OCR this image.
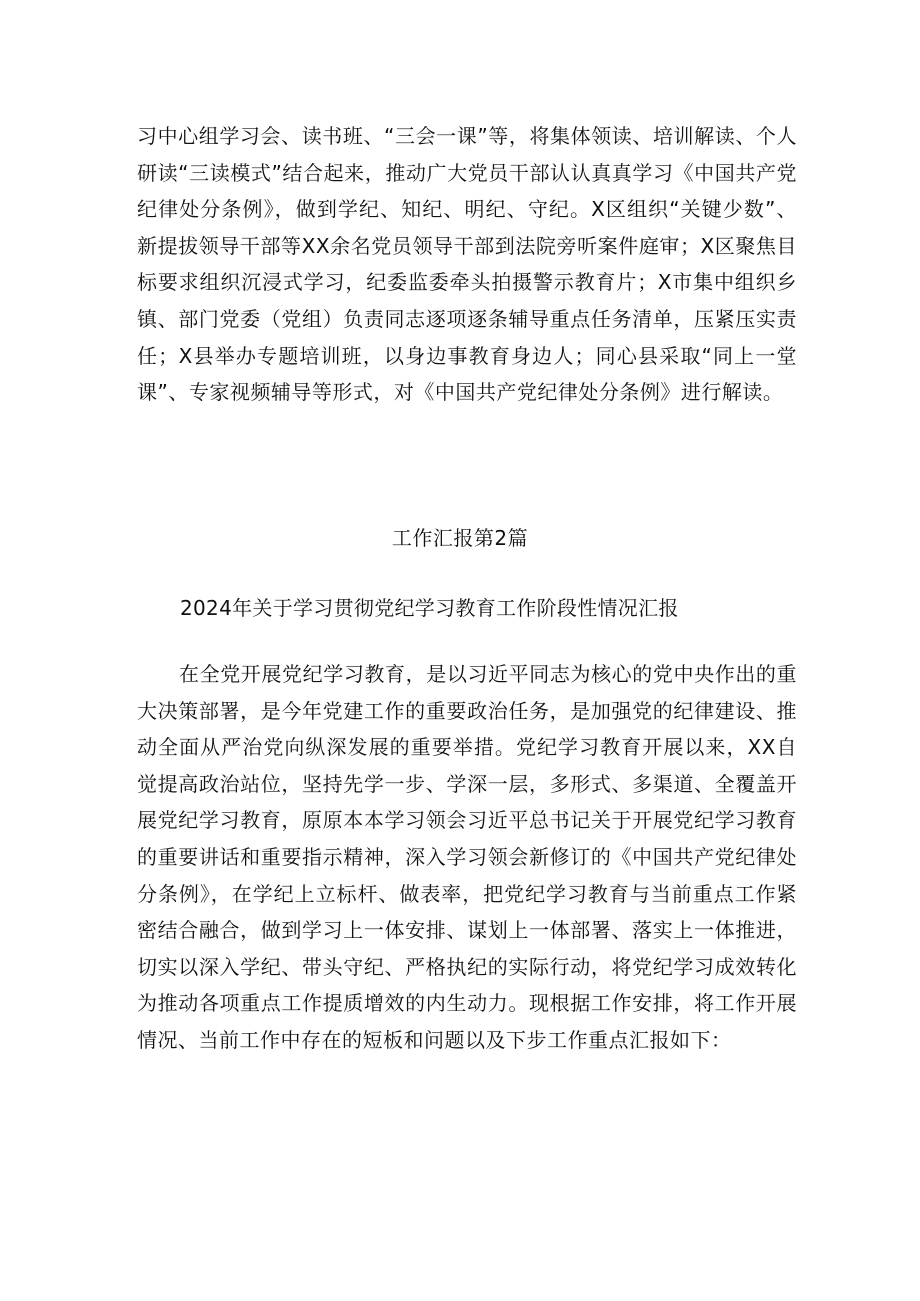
习中心组学习会、读书班、“三会一课”等，将集体领读、培训解读、个人研读“三读模式”结合起来，推动广大党员干部认认真真学习《中国共产党纪律处分条例》，做到学纪、知纪、明纪、守纪。X区组织“关键少数”、新提拔领导干部等XX余名党员领导干部到法院旁听案件庭审；X区聚焦目标要求组织沉浸式学习，纪委监委牵头拍摄警示教育片；X市集中组织乡镇、部门党委（党组）负责同志逐项逐条辅导重点任务清单，压紧压实责任；X县举办专题培训班，以身边事教育身边人；同心县采取“同上一堂课”、专家视频辅导等形式，对《中国共产党纪律处分条例》进行解读。

工作汇报第2篇

2024年关于学习贯彻党纪学习教育工作阶段性情况汇报

在全党开展党纪学习教育，是以习近平同志为核心的党中央作出的重大决策部署，是今年党建工作的重要政治任务，是加强党的纪律建设、推动全面从严治党向纵深发展的重要举措。党纪学习教育开展以来，XX自觉提高政治站位，坚持先学一步、学深一层，多形式、多渠道、全覆盖开展党纪学习教育，原原本本学习领会习近平总书记关于开展党纪学习教育的重要讲话和重要指示精神，深入学习领会新修订的《中国共产党纪律处分条例》，在学纪上立标杆、做表率，把党纪学习教育与当前重点工作紧密结合融合，做到学习上一体安排、谋划上一体部署、落实上一体推进，切实以深入学纪、带头守纪、严格执纪的实际行动，将党纪学习成效转化为推动各项重点工作提质增效的内生动力。现根据工作安排，将工作开展情况、当前工作中存在的短板和问题以及下步工作重点汇报如下：
